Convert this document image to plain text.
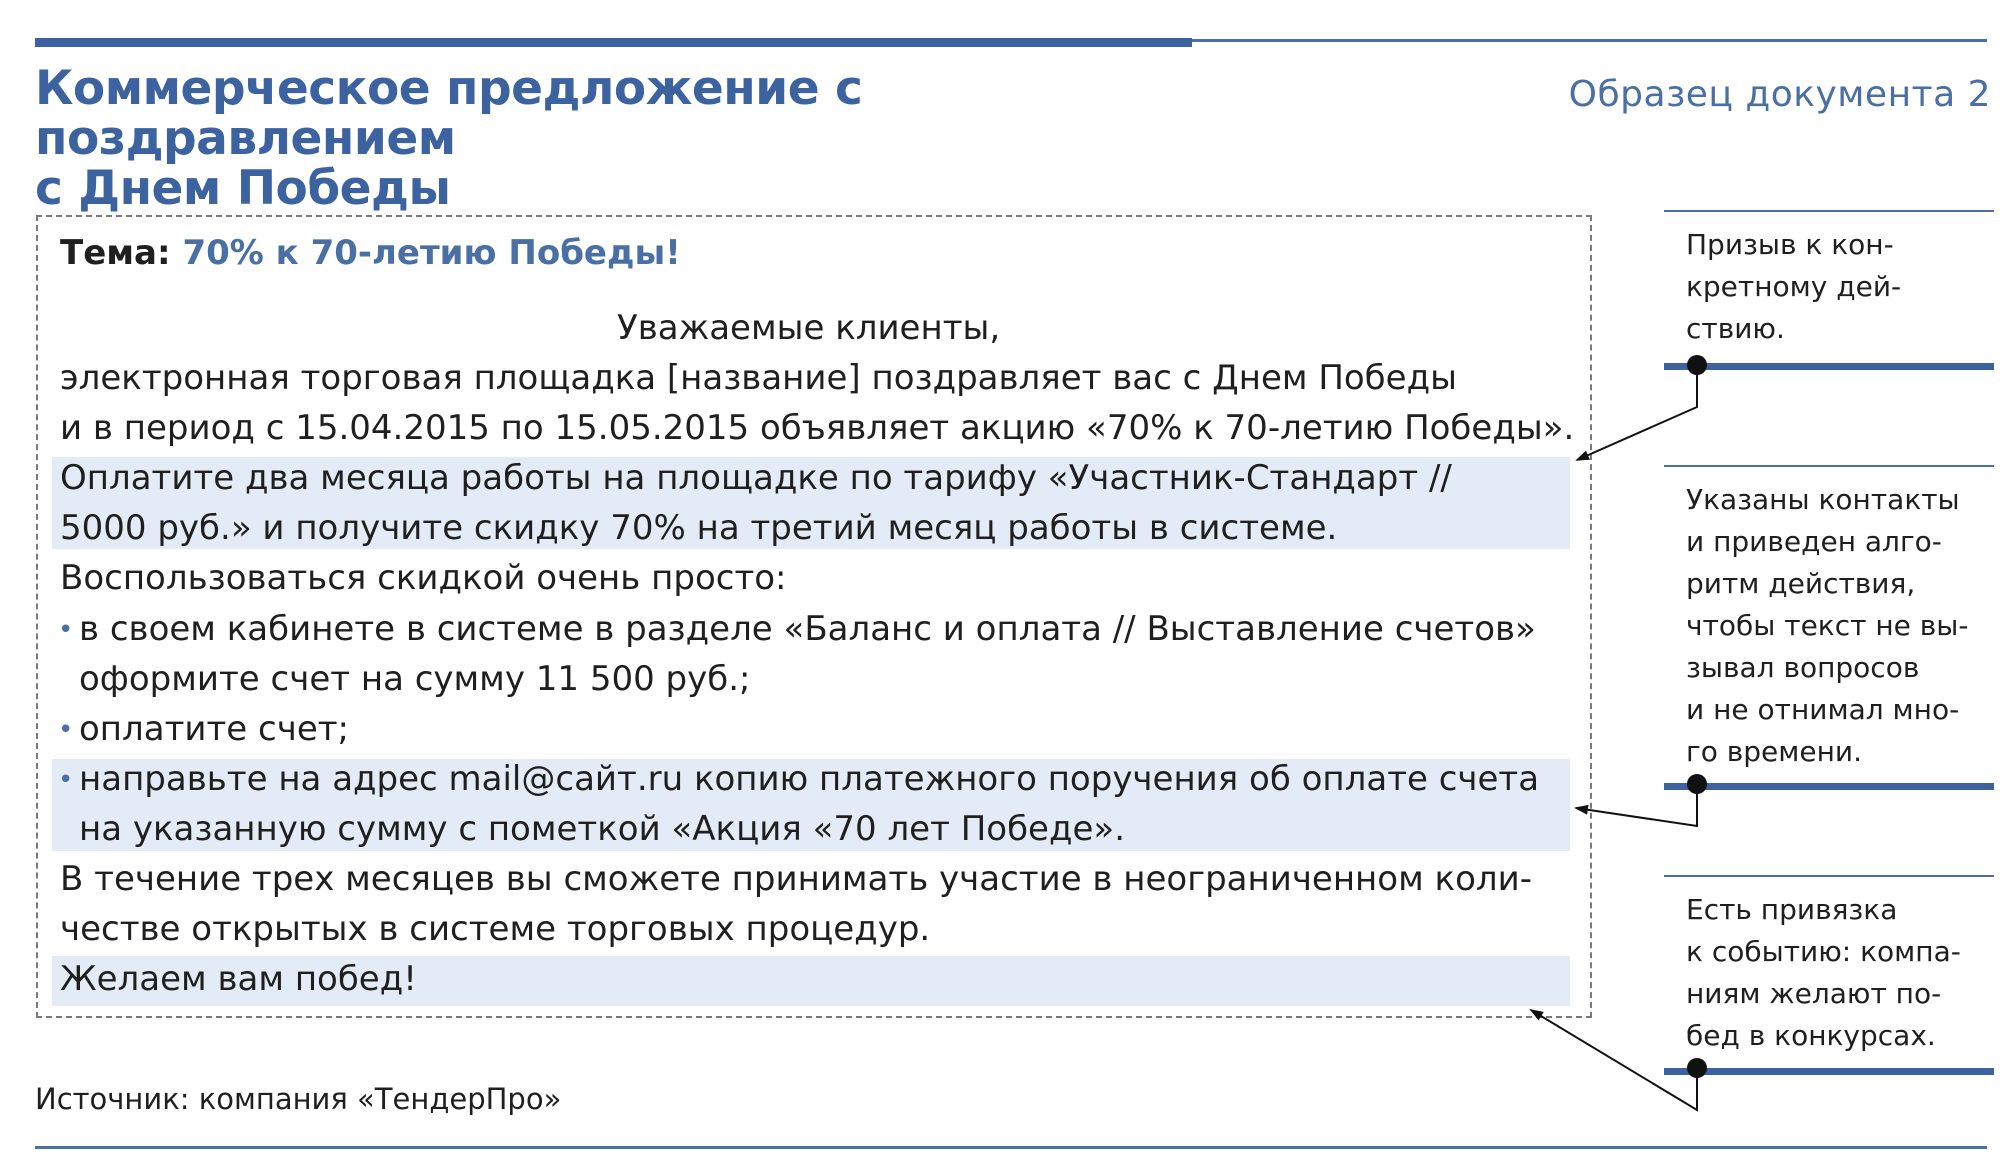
Коммерческое предложение с поздравлением
с Днем Победы
Образец документа 2
Тема: 70% к 70-летию Победы!
Уважаемые клиенты,
электронная торговая площадка [название] поздравляет вас с Днем Победы
и в период с 15.04.2015 по 15.05.2015 объявляет акцию «70% к 70-летию Победы».
Оплатите два месяца работы на площадке по тарифу «Участник-Стандарт //
5000 руб.» и получите скидку 70% на третий месяц работы в системе.
Воспользоваться скидкой очень просто:
• в своем кабинете в системе в разделе «Баланс и оплата // Выставление счетов»
оформите счет на сумму 11 500 руб.;
• оплатите счет;
• направьте на адрес mail@сайт.ru копию платежного поручения об оплате счета
на указанную сумму с пометкой «Акция «70 лет Победе».
В течение трех месяцев вы сможете принимать участие в неограниченном коли-
честве открытых в системе торговых процедур.
Желаем вам побед!
Призыв к кон-
кретному дей-
ствию.
Указаны контакты
и приведен алго-
ритм действия,
чтобы текст не вы-
зывал вопросов
и не отнимал мно-
го времени.
Есть привязка
к событию: компа-
ниям желают по-
бед в конкурсах.
Источник: компания «ТендерПро»
